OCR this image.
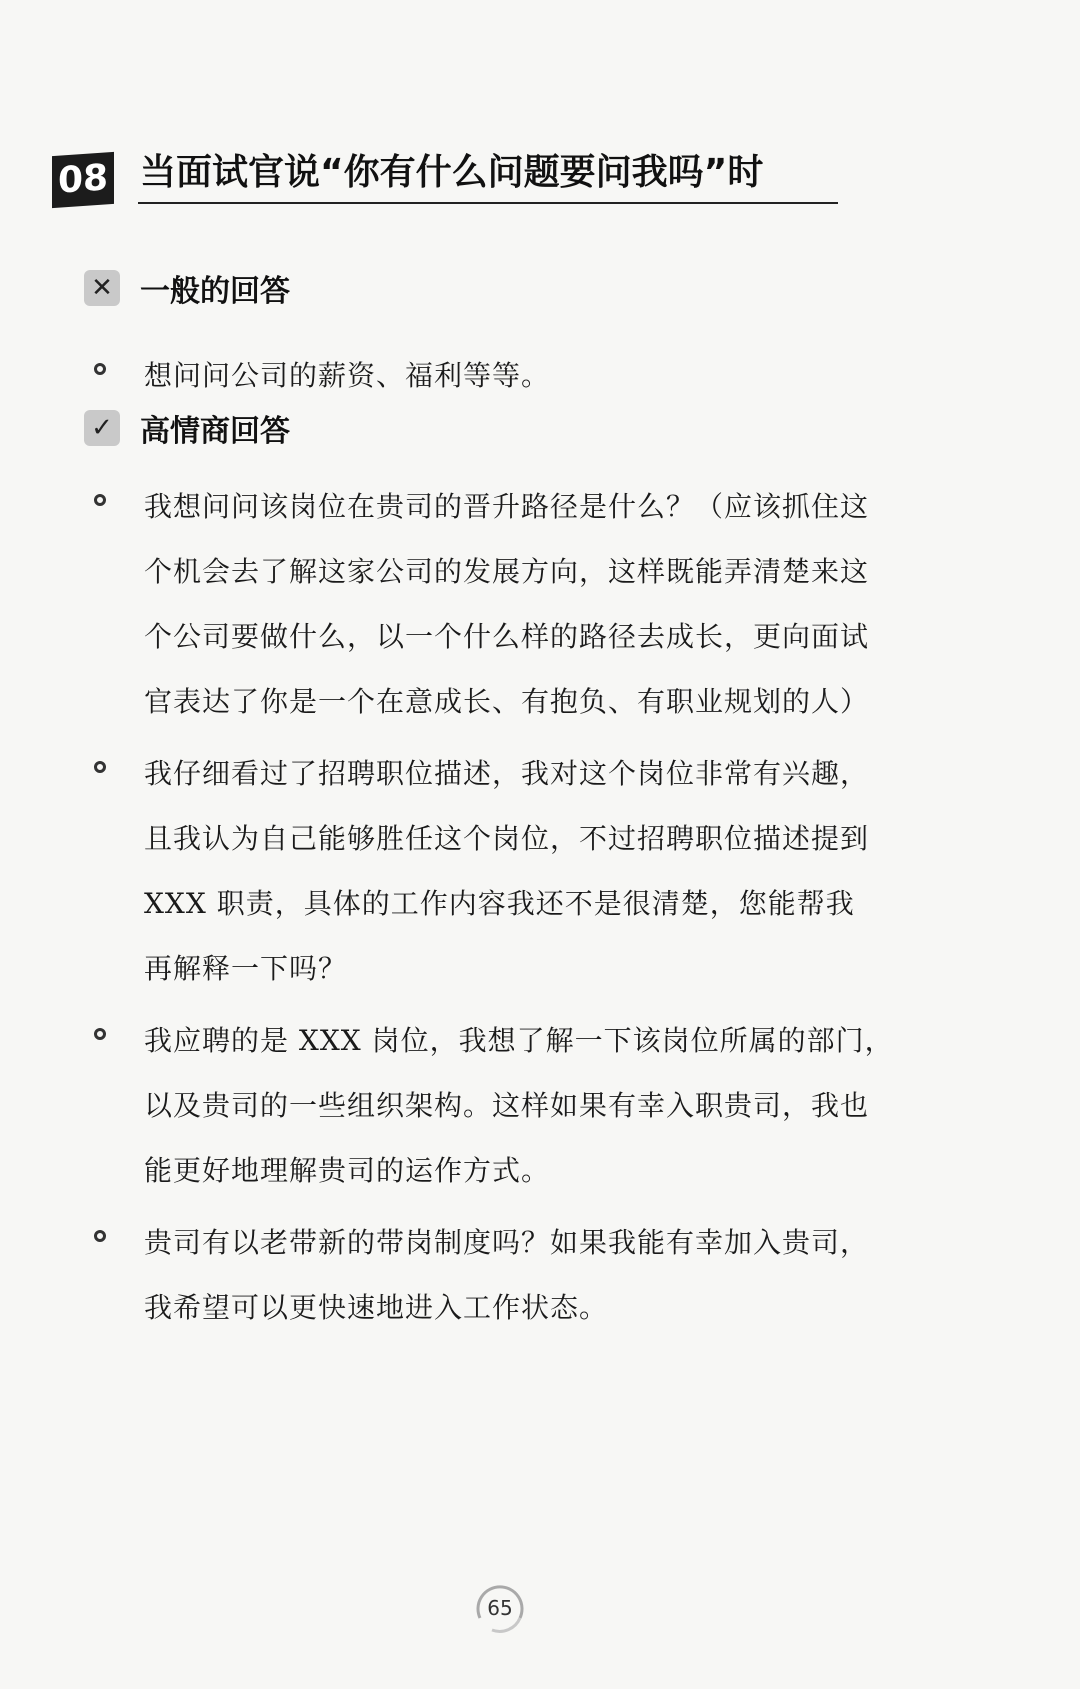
08 当面试官说“你有什么问题要问我吗”时
✕ 一般的回答
想问问公司的薪资、福利等等。
✓ 高情商回答
我想问问该岗位在贵司的晋升路径是什么？（应该抓住这
个机会去了解这家公司的发展方向，这样既能弄清楚来这
个公司要做什么，以一个什么样的路径去成长，更向面试
官表达了你是一个在意成长、有抱负、有职业规划的人）
我仔细看过了招聘职位描述，我对这个岗位非常有兴趣，
且我认为自己能够胜任这个岗位，不过招聘职位描述提到
XXX 职责，具体的工作内容我还不是很清楚，您能帮我
再解释一下吗？
我应聘的是 XXX 岗位，我想了解一下该岗位所属的部门，
以及贵司的一些组织架构。这样如果有幸入职贵司，我也
能更好地理解贵司的运作方式。
贵司有以老带新的带岗制度吗？如果我能有幸加入贵司，
我希望可以更快速地进入工作状态。
65
